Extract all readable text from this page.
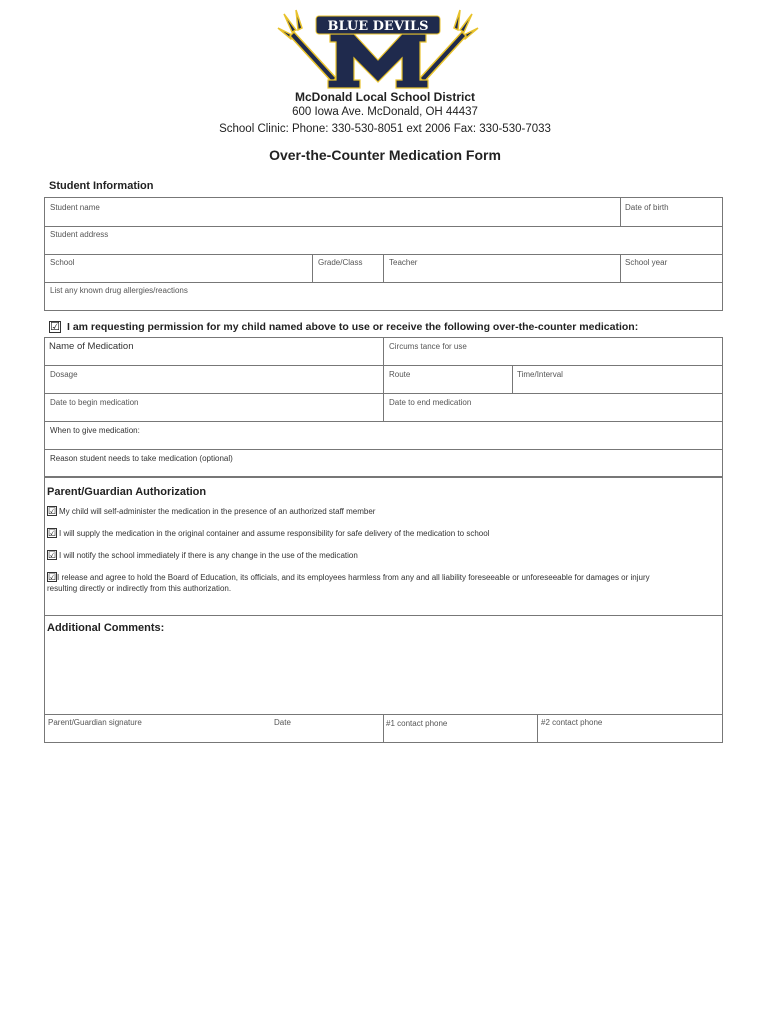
BLUE DEVILS
McDonald Local School District
600 Iowa Ave. McDonald, OH 44437
School Clinic: Phone: 330-530-8051 ext 2006 Fax: 330-530-7033
Over-the-Counter Medication Form
Student Information
Student name	Date of birth
Student address
School	Grade/Class	Teacher	School year
List any known drug allergies/reactions
☑ I am requesting permission for my child named above to use or receive the following over-the-counter medication:
Name of Medication	Circums tance for use
Dosage	Route	Time/Interval
Date to begin medication	Date to end medication
When to give medication:
Reason student needs to take medication (optional)
Parent/Guardian Authorization
☑ My child will self-administer the medication in the presence of an authorized staff member
☑ I will supply the medication in the original container and assume responsibility for safe delivery of the medication to school
☑ I will notify the school immediately if there is any change in the use of the medication
☑ I release and agree to hold the Board of Education, its officials, and its employees harmless from any and all liability foreseeable or unforeseeable for damages or injury
resulting directly or indirectly from this authorization.
Additional Comments:
Parent/Guardian signature	Date	#1 contact phone	#2 contact phone
